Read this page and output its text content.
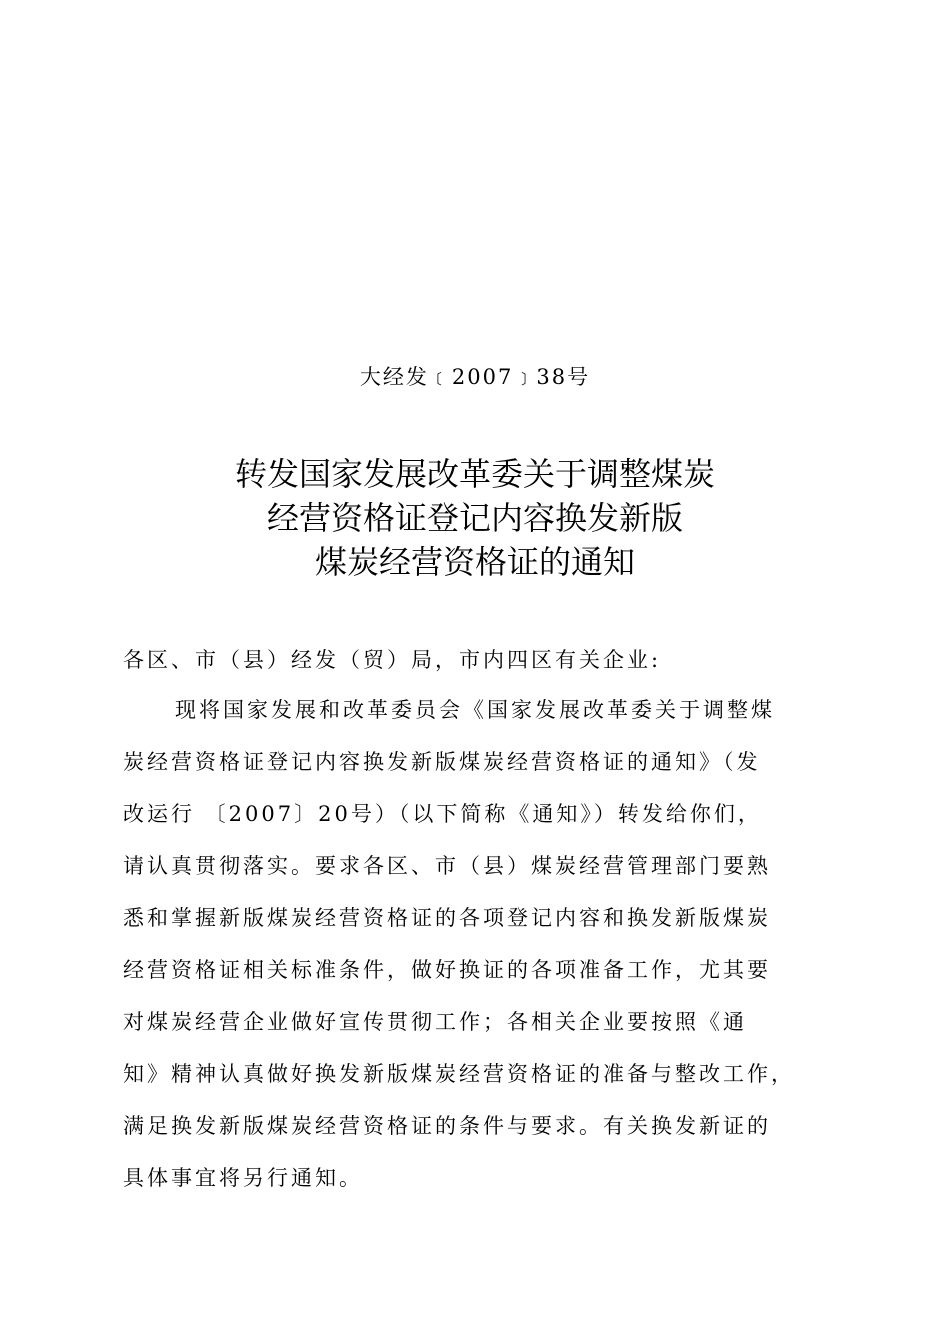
大经发﹝2007﹞38号
转发国家发展改革委关于调整煤炭
经营资格证登记内容换发新版
煤炭经营资格证的通知
各区、市（县）经发（贸）局，市内四区有关企业:
现将国家发展和改革委员会《国家发展改革委关于调整煤
炭经营资格证登记内容换发新版煤炭经营资格证的通知》（发
改运行 〔2007〕20号）（以下简称《通知》）转发给你们，
请认真贯彻落实。要求各区、市（县）煤炭经营管理部门要熟
悉和掌握新版煤炭经营资格证的各项登记内容和换发新版煤炭
经营资格证相关标准条件，做好换证的各项准备工作，尤其要
对煤炭经营企业做好宣传贯彻工作；各相关企业要按照《通
知》精神认真做好换发新版煤炭经营资格证的准备与整改工作，
满足换发新版煤炭经营资格证的条件与要求。有关换发新证的
具体事宜将另行通知。
